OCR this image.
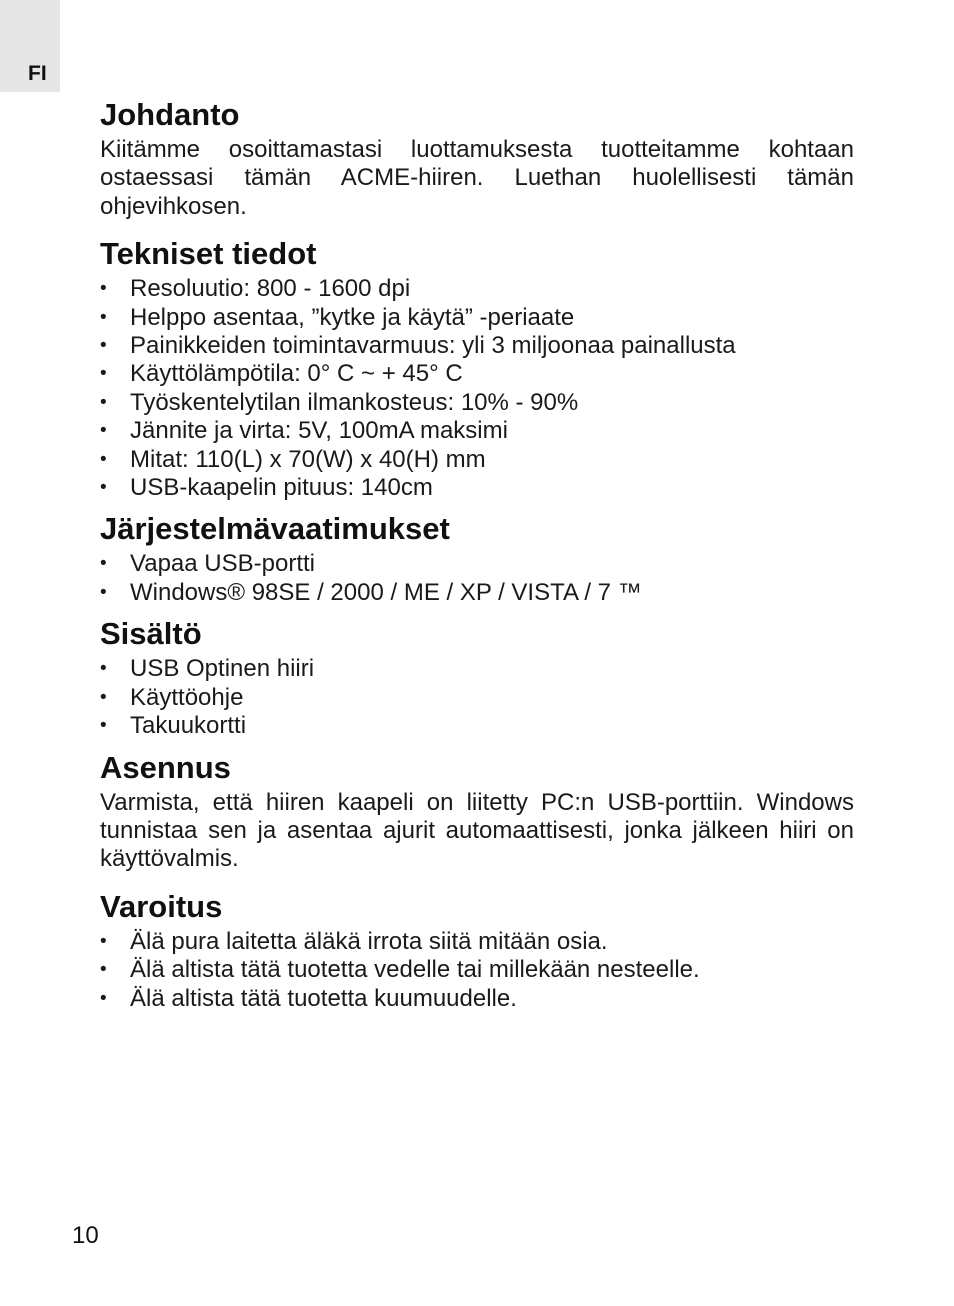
FI
Johdanto

Kiitämme osoittamastasi luottamuksesta tuotteitamme kohtaan ostaessasi tämän ACME-hiiren. Luethan huolellisesti tämän ohjevihkosen.

Tekniset tiedot
• Resoluutio: 800 - 1600 dpi
• Helppo asentaa, ”kytke ja käytä” -periaate
• Painikkeiden toimintavarmuus: yli 3 miljoonaa painallusta
• Käyttölämpötila: 0° C ~ + 45° C
• Työskentelytilan ilmankosteus: 10% - 90%
• Jännite ja virta: 5V, 100mA maksimi
• Mitat: 110(L) x 70(W) x 40(H) mm
• USB-kaapelin pituus: 140cm
Järjestelmävaatimukset
• Vapaa USB-portti
• Windows® 98SE / 2000 / ME / XP / VISTA / 7 ™
Sisältö
• USB Optinen hiiri
• Käyttöohje
• Takuukortti
Asennus

Varmista, että hiiren kaapeli on liitetty PC:n USB-porttiin. Windows tunnistaa sen ja asentaa ajurit automaattisesti, jonka jälkeen hiiri on käyttövalmis.

Varoitus
• Älä pura laitetta äläkä irrota siitä mitään osia.
• Älä altista tätä tuotetta vedelle tai millekään nesteelle.
• Älä altista tätä tuotetta kuumuudelle.
10
